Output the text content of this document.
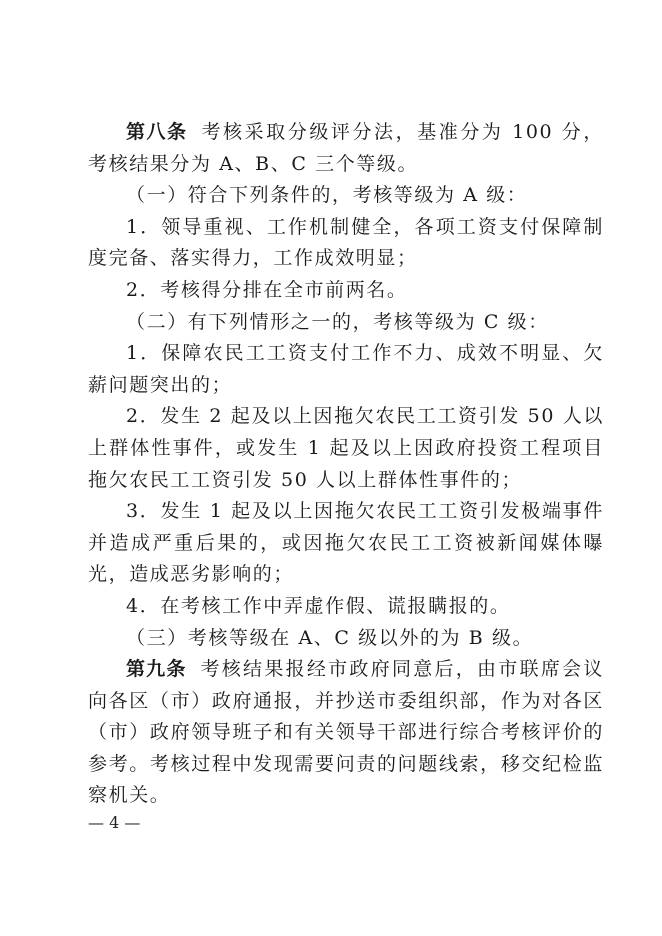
第八条 考核采取分级评分法，基准分为 100 分，考核结果分为 A、B、C 三个等级。

（一）符合下列条件的，考核等级为 A 级：

1．领导重视、工作机制健全，各项工资支付保障制度完备、落实得力，工作成效明显；

2．考核得分排在全市前两名。

（二）有下列情形之一的，考核等级为 C 级：

1．保障农民工工资支付工作不力、成效不明显、欠薪问题突出的；

2．发生 2 起及以上因拖欠农民工工资引发 50 人以上群体性事件，或发生 1 起及以上因政府投资工程项目拖欠农民工工资引发 50 人以上群体性事件的；

3．发生 1 起及以上因拖欠农民工工资引发极端事件并造成严重后果的，或因拖欠农民工工资被新闻媒体曝光，造成恶劣影响的；

4．在考核工作中弄虚作假、谎报瞒报的。

（三）考核等级在 A、C 级以外的为 B 级。

第九条 考核结果报经市政府同意后，由市联席会议向各区（市）政府通报，并抄送市委组织部，作为对各区（市）政府领导班子和有关领导干部进行综合考核评价的参考。考核过程中发现需要问责的问题线索，移交纪检监察机关。

— 4 —
